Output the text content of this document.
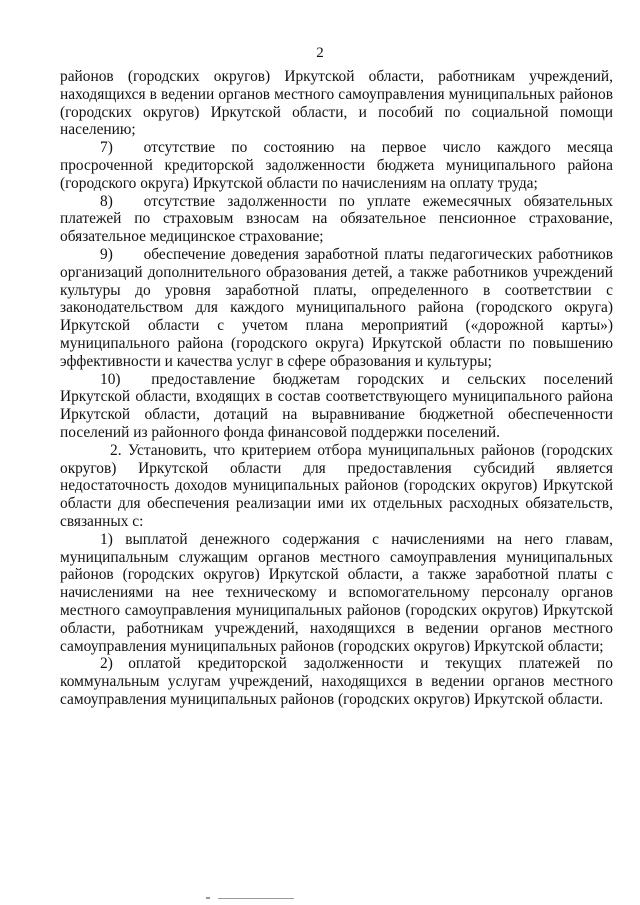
2

районов (городских округов) Иркутской области, работникам учреждений, находящихся в ведении органов местного самоуправления муниципальных районов (городских округов) Иркутской области, и пособий по социальной помощи населению;

7)  отсутствие по состоянию на первое число каждого месяца просроченной кредиторской задолженности бюджета муниципального района (городского округа) Иркутской области по начислениям на оплату труда;

8)  отсутствие задолженности по уплате ежемесячных обязательных платежей по страховым взносам на обязательное пенсионное страхование, обязательное медицинское страхование;

9)  обеспечение доведения заработной платы педагогических работников организаций дополнительного образования детей, а также работников учреждений культуры до уровня заработной платы, определенного в соответствии с законодательством для каждого муниципального района (городского округа) Иркутской области с учетом плана мероприятий («дорожной карты») муниципального района (городского округа) Иркутской области по повышению эффективности и качества услуг в сфере образования и культуры;

10)  предоставление бюджетам городских и сельских поселений Иркутской области, входящих в состав соответствующего муниципального района Иркутской области, дотаций на выравнивание бюджетной обеспеченности поселений из районного фонда финансовой поддержки поселений.

2. Установить, что критерием отбора муниципальных районов (городских округов) Иркутской области для предоставления субсидий является недостаточность доходов муниципальных районов (городских округов) Иркутской области для обеспечения реализации ими их отдельных расходных обязательств, связанных с:

1) выплатой денежного содержания с начислениями на него главам, муниципальным служащим органов местного самоуправления муниципальных районов (городских округов) Иркутской области, а также заработной платы с начислениями на нее техническому и вспомогательному персоналу органов местного самоуправления муниципальных районов (городских округов) Иркутской области, работникам учреждений, находящихся в ведении органов местного самоуправления муниципальных районов (городских округов) Иркутской области;

2) оплатой кредиторской задолженности и текущих платежей по коммунальным услугам учреждений, находящихся в ведении органов местного самоуправления муниципальных районов (городских округов) Иркутской области.
